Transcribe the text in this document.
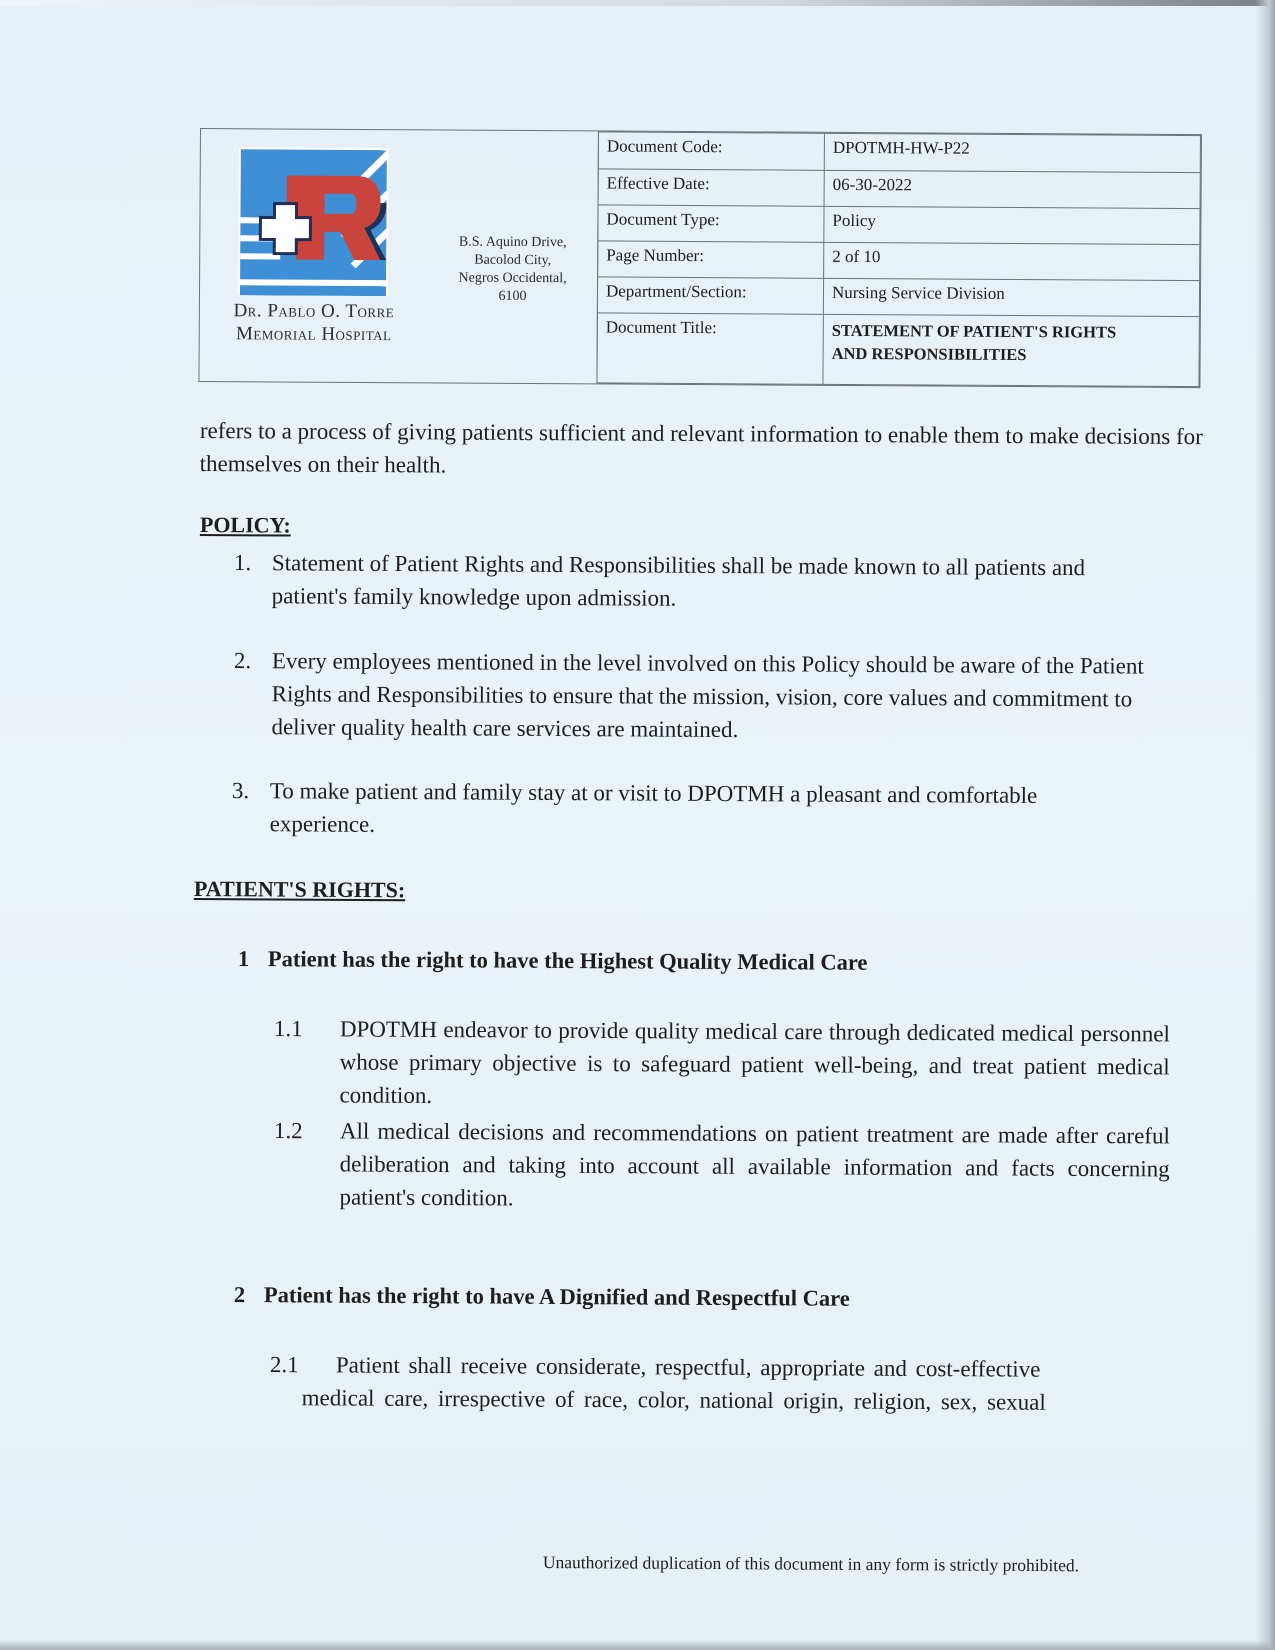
Dr. Pablo O. Torre
Memorial Hospital
B.S. Aquino Drive,
Bacolod City,
Negros Occidental,
6100
Document Code:	DPOTMH-HW-P22
Effective Date:	06-30-2022
Document Type:	Policy
Page Number:	2 of 10
Department/Section:	Nursing Service Division
Document Title:	STATEMENT OF PATIENT'S RIGHTS
AND RESPONSIBILITIES
refers to a process of giving patients sufficient and relevant information to enable them to make decisions for themselves on their health.
POLICY:
1. Statement of Patient Rights and Responsibilities shall be made known to all patients and patient's family knowledge upon admission.
2. Every employees mentioned in the level involved on this Policy should be aware of the Patient Rights and Responsibilities to ensure that the mission, vision, core values and commitment to deliver quality health care services are maintained.
3. To make patient and family stay at or visit to DPOTMH a pleasant and comfortable experience.
PATIENT'S RIGHTS:
1 Patient has the right to have the Highest Quality Medical Care
1.1 DPOTMH endeavor to provide quality medical care through dedicated medical personnel whose primary objective is to safeguard patient well-being, and treat patient medical condition.
1.2 All medical decisions and recommendations on patient treatment are made after careful deliberation and taking into account all available information and facts concerning patient's condition.
2 Patient has the right to have A Dignified and Respectful Care
2.1 Patient shall receive considerate, respectful, appropriate and cost-effective
medical care, irrespective of race, color, national origin, religion, sex, sexual
Unauthorized duplication of this document in any form is strictly prohibited.
